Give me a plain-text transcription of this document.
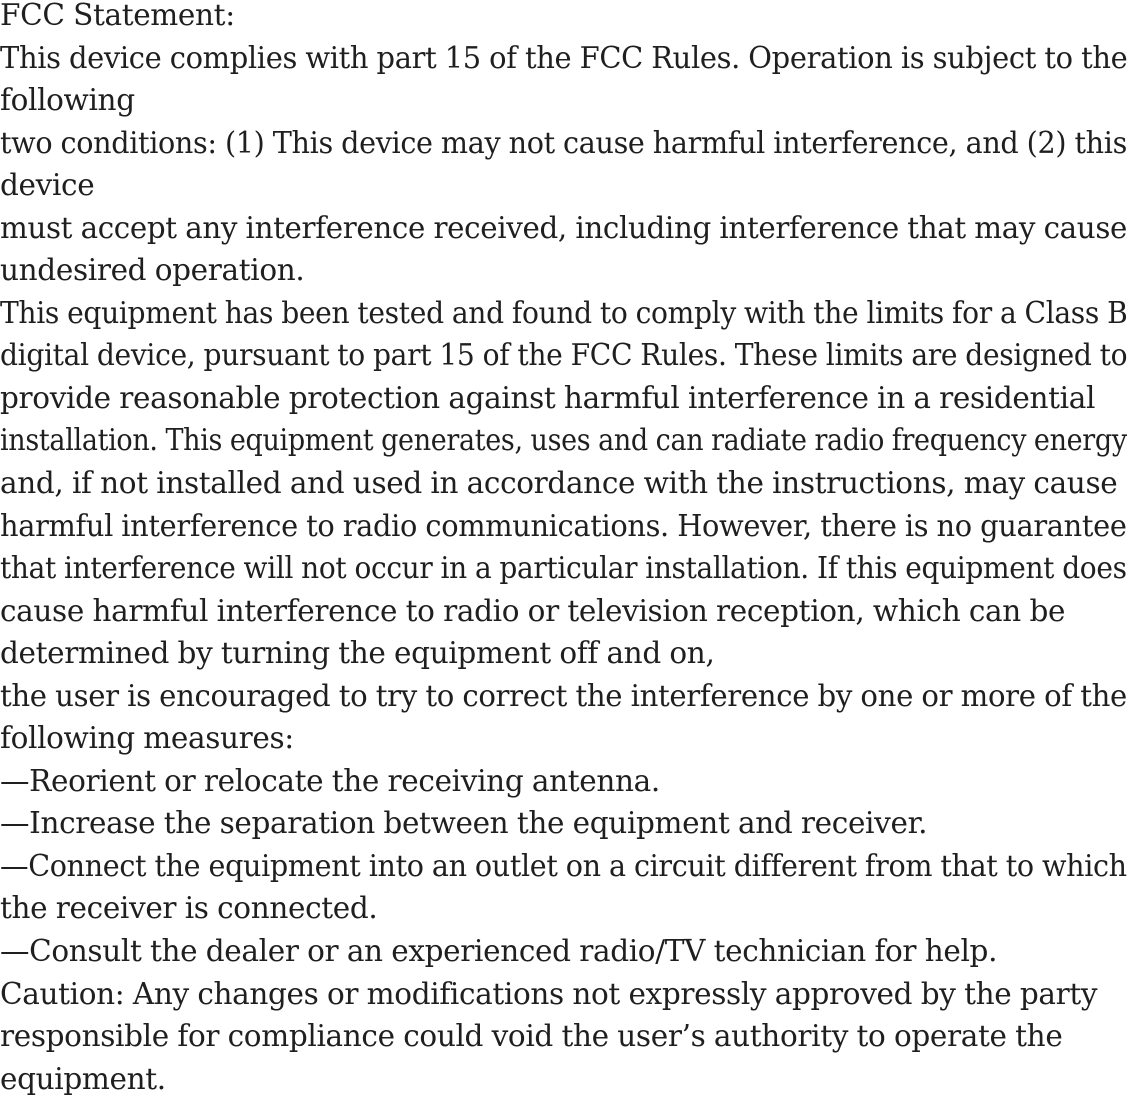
FCC Statement:
This device complies with part 15 of the FCC Rules. Operation is subject to the
following
two conditions: (1) This device may not cause harmful interference, and (2) this
device
must accept any interference received, including interference that may cause
undesired operation.
This equipment has been tested and found to comply with the limits for a Class B
digital device, pursuant to part 15 of the FCC Rules. These limits are designed to
provide reasonable protection against harmful interference in a residential
installation. This equipment generates, uses and can radiate radio frequency energy
and, if not installed and used in accordance with the instructions, may cause
harmful interference to radio communications. However, there is no guarantee
that interference will not occur in a particular installation. If this equipment does
cause harmful interference to radio or television reception, which can be
determined by turning the equipment off and on,
the user is encouraged to try to correct the interference by one or more of the
following measures:
—Reorient or relocate the receiving antenna.
—Increase the separation between the equipment and receiver.
—Connect the equipment into an outlet on a circuit different from that to which
the receiver is connected.
—Consult the dealer or an experienced radio/TV technician for help.
Caution: Any changes or modifications not expressly approved by the party
responsible for compliance could void the user’s authority to operate the
equipment.
